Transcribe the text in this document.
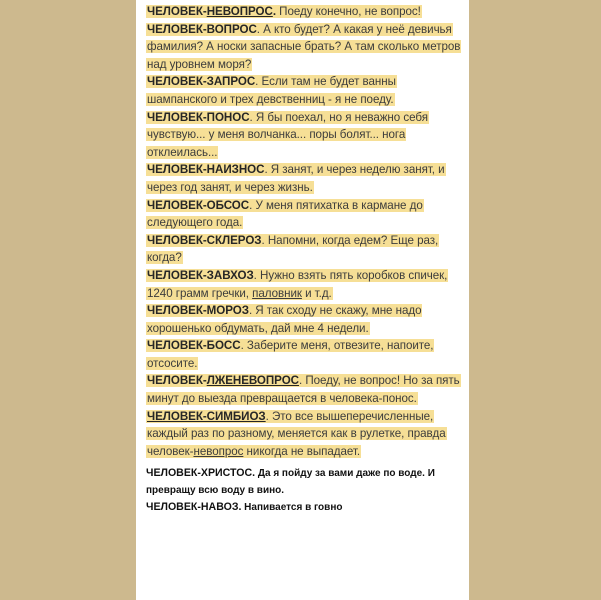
ЧЕЛОВЕК-НЕВОПРОС. Поеду конечно, не вопрос!

ЧЕЛОВЕК-ВОПРОС. А кто будет? А какая у неё девичья фамилия? А носки запасные брать? А там сколько метров над уровнем моря?

ЧЕЛОВЕК-ЗАПРОС. Если там не будет ванны шампанского и трех девственниц - я не поеду.

ЧЕЛОВЕК-ПОНОС. Я бы поехал, но я неважно себя чувствую... у меня волчанка... поры болят... нога отклеилась...

ЧЕЛОВЕК-НАИЗНОС. Я занят, и через неделю занят, и через год занят, и через жизнь.

ЧЕЛОВЕК-ОБСОС. У меня пятихатка в кармане до следующего года.

ЧЕЛОВЕК-СКЛЕРОЗ. Напомни, когда едем? Еще раз, когда?

ЧЕЛОВЕК-ЗАВХОЗ. Нужно взять пять коробков спичек, 1240 грамм гречки, паловник и т.д.

ЧЕЛОВЕК-МОРОЗ. Я так сходу не скажу, мне надо хорошенько обдумать, дай мне 4 недели.

ЧЕЛОВЕК-БОСС. Заберите меня, отвезите, напоите, отсосите.

ЧЕЛОВЕК-ЛЖЕНЕВОПРОС. Поеду, не вопрос! Но за пять минут до выезда превращается в человека-понос.

ЧЕЛОВЕК-СИМБИОЗ. Это все вышеперечисленные, каждый раз по разному, меняется как в рулетке, правда человек-невопрос никогда не выпадает.

ЧЕЛОВЕК-ХРИСТОС. Да я пойду за вами даже по воде. И превращу всю воду в вино.

ЧЕЛОВЕК-НАВОЗ. Напивается в говно
